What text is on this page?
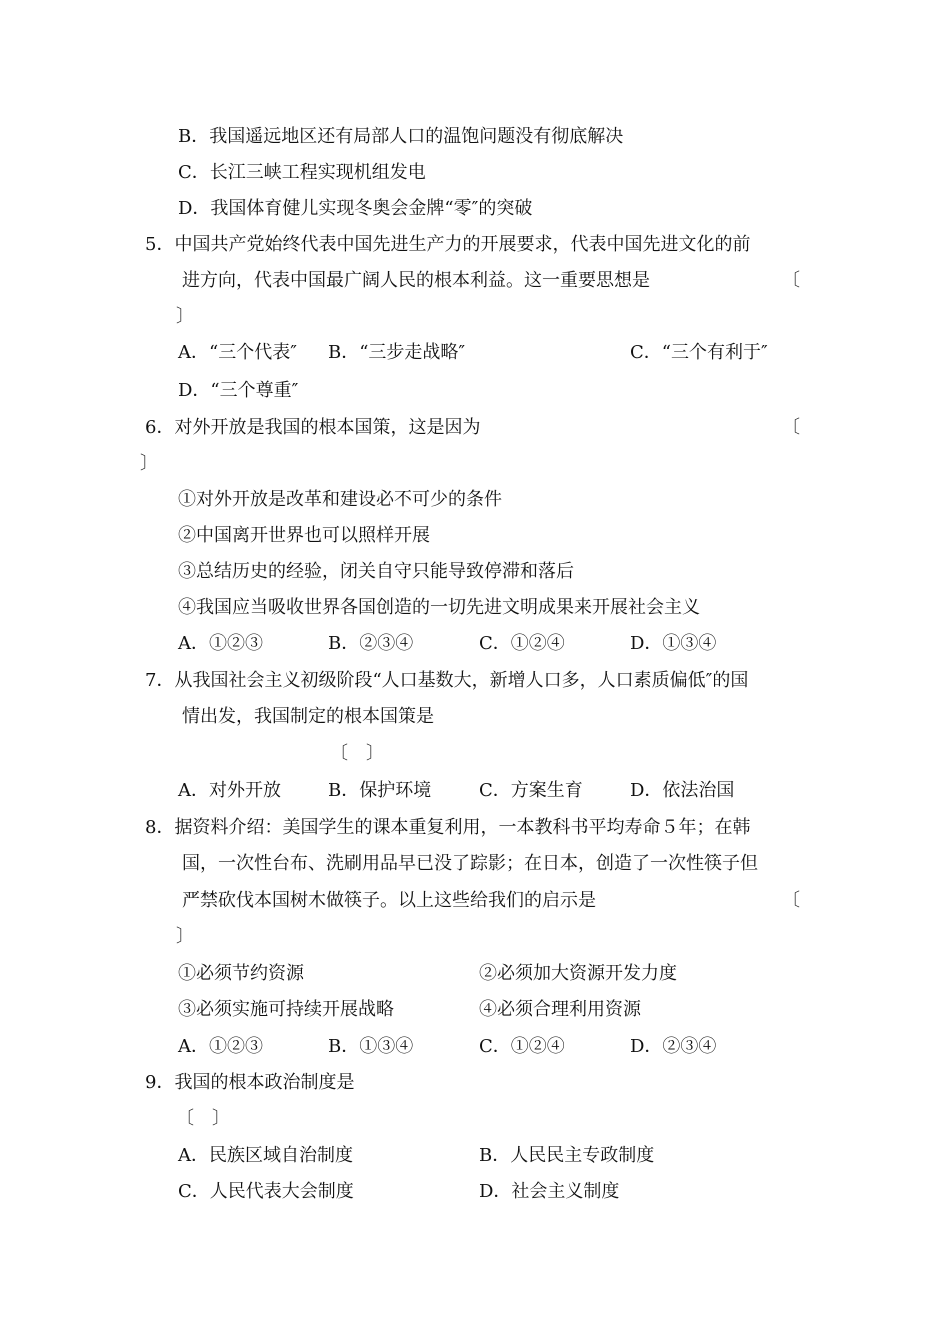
B．我国遥远地区还有局部人口的温饱问题没有彻底解决
C．长江三峡工程实现机组发电
D．我国体育健儿实现冬奥会金牌“零″的突破
5．中国共产党始终代表中国先进生产力的开展要求，代表中国先进文化的前
进方向，代表中国最广阔人民的根本利益。这一重要思想是	〔
〕
A．“三个代表″ B．“三步走战略″	C．“三个有利于″
D．“三个尊重″
6．对外开放是我国的根本国策，这是因为	〔
〕
①对外开放是改革和建设必不可少的条件
②中国离开世界也可以照样开展
③总结历史的经验，闭关自守只能导致停滞和落后
④我国应当吸收世界各国创造的一切先进文明成果来开展社会主义
A．①②③	B．②③④	C．①②④	D．①③④
7．从我国社会主义初级阶段“人口基数大，新增人口多，人口素质偏低″的国
情出发，我国制定的根本国策是
〔　〕
A．对外开放	B．保护环境	C．方案生育	D．依法治国
8．据资料介绍：美国学生的课本重复利用，一本教科书平均寿命５年；在韩
国，一次性台布、洗刷用品早已没了踪影；在日本，创造了一次性筷子但
严禁砍伐本国树木做筷子。以上这些给我们的启示是	〔
〕
①必须节约资源	②必须加大资源开发力度
③必须实施可持续开展战略	④必须合理利用资源
A．①②③	B．①③④	C．①②④	D．②③④
9．我国的根本政治制度是
〔　〕
A．民族区域自治制度	B．人民民主专政制度
C．人民代表大会制度	D．社会主义制度
